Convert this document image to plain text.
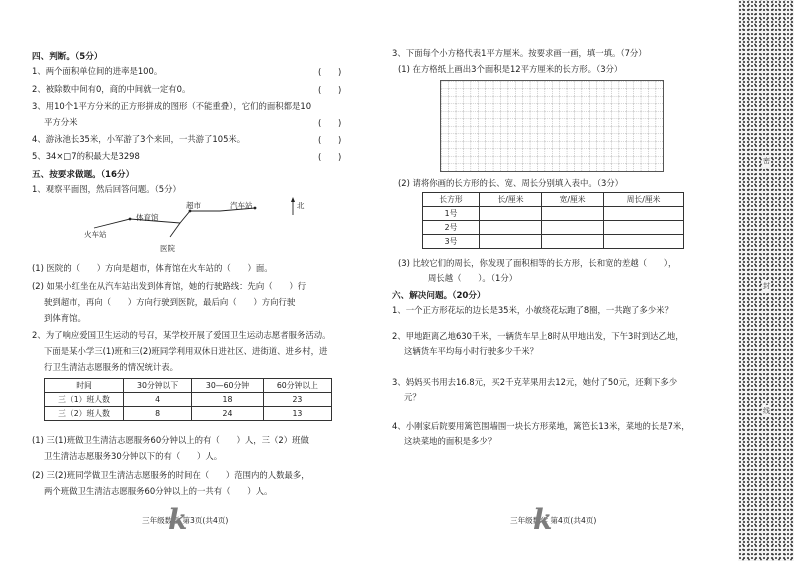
四、判断。（5分）
1、两个面积单位间的进率是100。	(　　)
2、被除数中间有0，商的中间就一定有0。	(　　)
3、用10个1平方分米的正方形拼成的图形（不能重叠），它们的面积都是10
平方分米	(　　)
4、游泳池长35米，小军游了3个来回，一共游了105米。	(　　)
5、34×□7的积最大是3298	(　　)
五、按要求做题。（16分）
1、观察平面图，然后回答问题。（5分）
超市	汽车站	北
体育馆
火车站
医院
(1) 医院的（　　）方向是超市，体育馆在火车站的（　　）面。
(2) 如果小红坐在从汽车站出发到体育馆，她的行驶路线：先向（　　）行
驶到超市，再向（　　）方向行驶到医院，最后向（　　）方向行驶
到体育馆。
2、为了响应爱国卫生运动的号召，某学校开展了爱国卫生运动志愿者服务活动。
下面是某小学三(1)班和三(2)班同学利用双休日进社区、进街道、进乡村，进
行卫生清洁志愿服务的情况统计表。
时间	30分钟以下	30—60分钟	60分钟以上
三（1）班人数	4	18	23
三（2）班人数	8	24	13
(1) 三(1)班做卫生清洁志愿服务60分钟以上的有（　　）人，三（2）班做
卫生清洁志愿服务30分钟以下的有（　　）人。
(2) 三(2)班同学做卫生清洁志愿服务的时间在（　　）范围内的人数最多，
两个班做卫生清洁志愿服务60分钟以上的一共有（　　）人。
三年级数学 第3页(共4页)
k
3、下面每个小方格代表1平方厘米。按要求画一画，填一填。（7分）
(1) 在方格纸上画出3个面积是12平方厘米的长方形。（3分）
(2) 请将你画的长方形的长、宽、周长分别填入表中。（3分）
长方形	长/厘米	宽/厘米	周长/厘米
1号			
2号			
3号			
(3) 比较它们的周长，你发现了面积相等的长方形，长和宽的差越（　　），
周长越（　　）。（1分）
六、解决问题。（20分）
1、一个正方形花坛的边长是35米，小敏绕花坛跑了8圈，一共跑了多少米？
2、甲地距离乙地630千米，一辆货车早上8时从甲地出发，下午3时到达乙地，
这辆货车平均每小时行驶多少千米？
3、妈妈买书用去16.8元，买2千克苹果用去12元，她付了50元，还剩下多少
元？
4、小刚家后院要用篱笆围墙围一块长方形菜地，篱笆长13米，菜地的长是7米，
这块菜地的面积是多少？
三年级数学 第4页(共4页)
k
密
封
线
